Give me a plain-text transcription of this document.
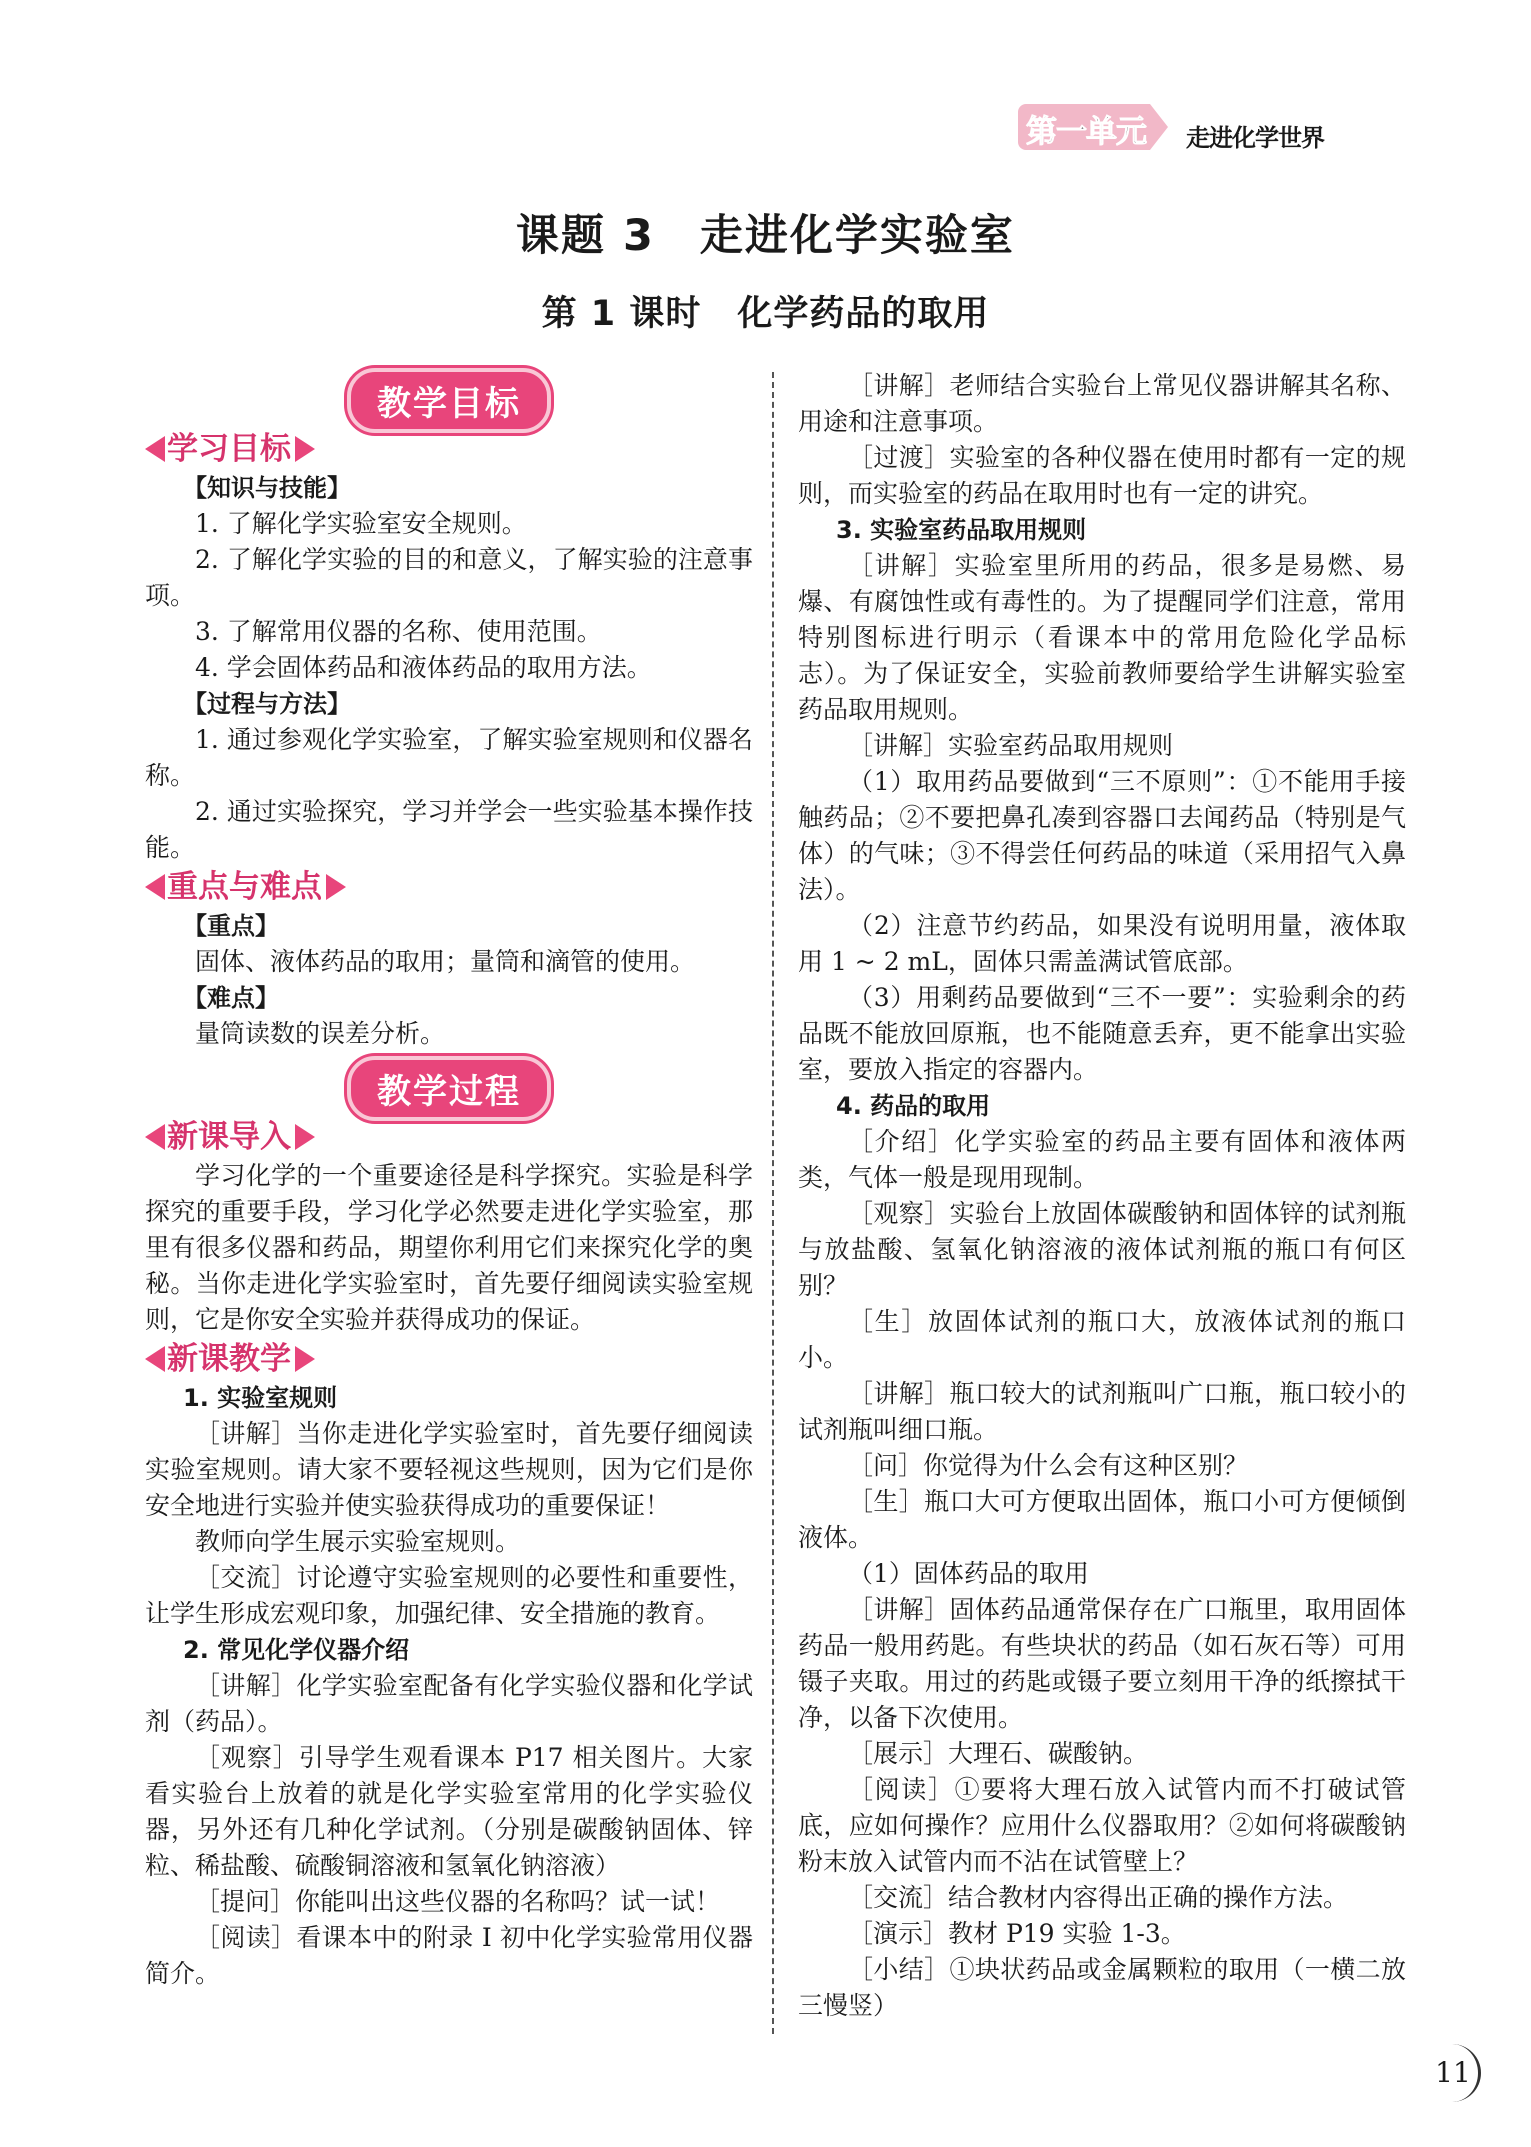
第一单元 走进化学世界
课题 3　走进化学实验室
第 1 课时　化学药品的取用
教学目标
学习目标
【知识与技能】

1. 了解化学实验室安全规则。

2. 了解化学实验的目的和意义，了解实验的注意事项。

3. 了解常用仪器的名称、使用范围。

4. 学会固体药品和液体药品的取用方法。

【过程与方法】

1. 通过参观化学实验室，了解实验室规则和仪器名称。

2. 通过实验探究，学习并学会一些实验基本操作技能。

重点与难点
【重点】

固体、液体药品的取用；量筒和滴管的使用。

【难点】

量筒读数的误差分析。

教学过程
新课导入

学习化学的一个重要途径是科学探究。实验是科学探究的重要手段，学习化学必然要走进化学实验室，那里有很多仪器和药品，期望你利用它们来探究化学的奥秘。当你走进化学实验室时，首先要仔细阅读实验室规则，它是你安全实验并获得成功的保证。

新课教学
1. 实验室规则

［讲解］当你走进化学实验室时，首先要仔细阅读实验室规则。请大家不要轻视这些规则，因为它们是你安全地进行实验并使实验获得成功的重要保证！

教师向学生展示实验室规则。

［交流］讨论遵守实验室规则的必要性和重要性，让学生形成宏观印象，加强纪律、安全措施的教育。

2. 常见化学仪器介绍

［讲解］化学实验室配备有化学实验仪器和化学试剂（药品）。

［观察］引导学生观看课本 P17 相关图片。大家看实验台上放着的就是化学实验室常用的化学实验仪器，另外还有几种化学试剂。（分别是碳酸钠固体、锌粒、稀盐酸、硫酸铜溶液和氢氧化钠溶液）

［提问］你能叫出这些仪器的名称吗？试一试！

［阅读］看课本中的附录 I 初中化学实验常用仪器简介。

［讲解］老师结合实验台上常见仪器讲解其名称、用途和注意事项。

［过渡］实验室的各种仪器在使用时都有一定的规则，而实验室的药品在取用时也有一定的讲究。

3. 实验室药品取用规则

［讲解］实验室里所用的药品，很多是易燃、易爆、有腐蚀性或有毒性的。为了提醒同学们注意，常用特别图标进行明示（看课本中的常用危险化学品标志）。为了保证安全，实验前教师要给学生讲解实验室药品取用规则。

［讲解］实验室药品取用规则

（1）取用药品要做到“三不原则”：①不能用手接触药品；②不要把鼻孔凑到容器口去闻药品（特别是气体）的气味；③不得尝任何药品的味道（采用招气入鼻法）。

（2）注意节约药品，如果没有说明用量，液体取用 1 ~ 2 mL，固体只需盖满试管底部。

（3）用剩药品要做到“三不一要”：实验剩余的药品既不能放回原瓶，也不能随意丢弃，更不能拿出实验室，要放入指定的容器内。

4. 药品的取用

［介绍］化学实验室的药品主要有固体和液体两类，气体一般是现用现制。

［观察］实验台上放固体碳酸钠和固体锌的试剂瓶与放盐酸、氢氧化钠溶液的液体试剂瓶的瓶口有何区别？

［生］放固体试剂的瓶口大，放液体试剂的瓶口小。

［讲解］瓶口较大的试剂瓶叫广口瓶，瓶口较小的试剂瓶叫细口瓶。

［问］你觉得为什么会有这种区别？

［生］瓶口大可方便取出固体，瓶口小可方便倾倒液体。

（1）固体药品的取用

［讲解］固体药品通常保存在广口瓶里，取用固体药品一般用药匙。有些块状的药品（如石灰石等）可用镊子夹取。用过的药匙或镊子要立刻用干净的纸擦拭干净，以备下次使用。

［展示］大理石、碳酸钠。

［阅读］①要将大理石放入试管内而不打破试管底，应如何操作？应用什么仪器取用？②如何将碳酸钠粉末放入试管内而不沾在试管壁上？

［交流］结合教材内容得出正确的操作方法。

［演示］教材 P19 实验 1-3。

［小结］①块状药品或金属颗粒的取用（一横二放三慢竖）

11
